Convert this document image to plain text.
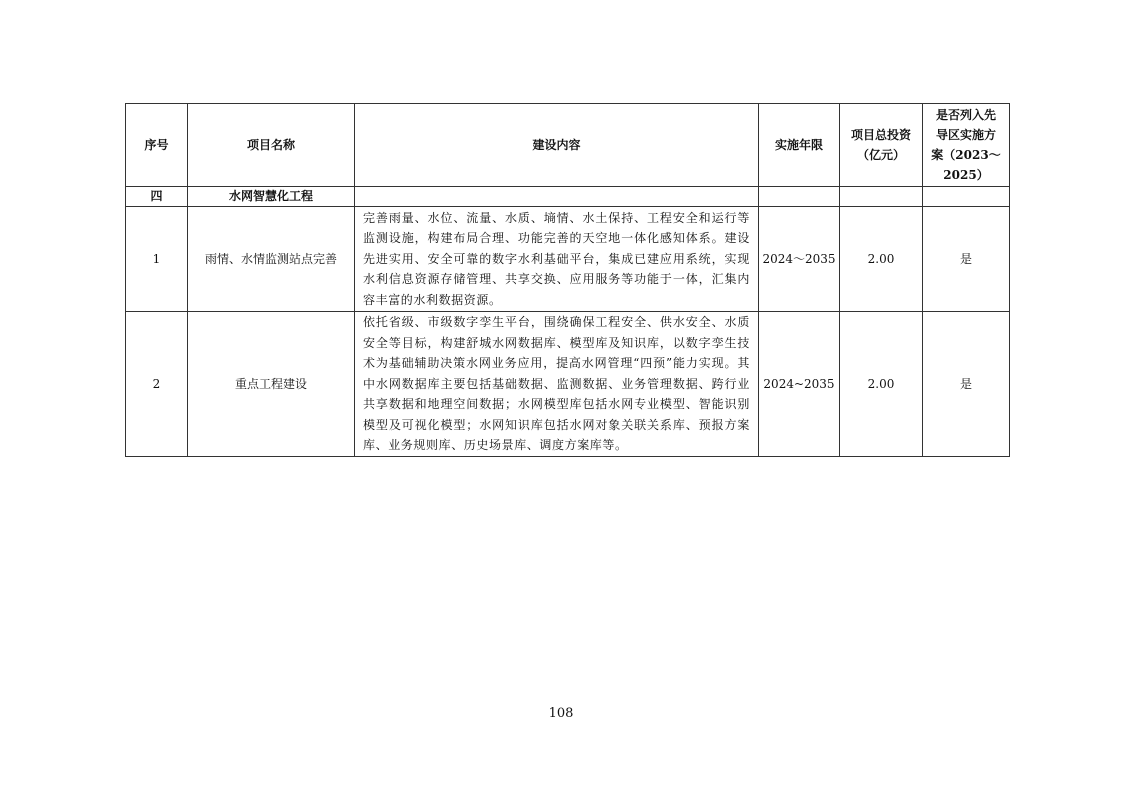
序号	项目名称	建设内容	实施年限	项目总投资（亿元）	是否列入先导区实施方案（2023～2025）
四	水网智慧化工程				
1	雨情、水情监测站点完善	完善雨量、水位、流量、水质、墒情、水土保持、工程安全和运行等监测设施，构建布局合理、功能完善的天空地一体化感知体系。建设先进实用、安全可靠的数字水利基础平台，集成已建应用系统，实现水利信息资源存储管理、共享交换、应用服务等功能于一体，汇集内容丰富的水利数据资源。	2024～2035	2.00	是
2	重点工程建设	依托省级、市级数字孪生平台，围绕确保工程安全、供水安全、水质安全等目标，构建舒城水网数据库、模型库及知识库，以数字孪生技术为基础辅助决策水网业务应用，提高水网管理“四预”能力实现。其中水网数据库主要包括基础数据、监测数据、业务管理数据、跨行业共享数据和地理空间数据；水网模型库包括水网专业模型、智能识别模型及可视化模型；水网知识库包括水网对象关联关系库、预报方案库、业务规则库、历史场景库、调度方案库等。	2024~2035	2.00	是
108
